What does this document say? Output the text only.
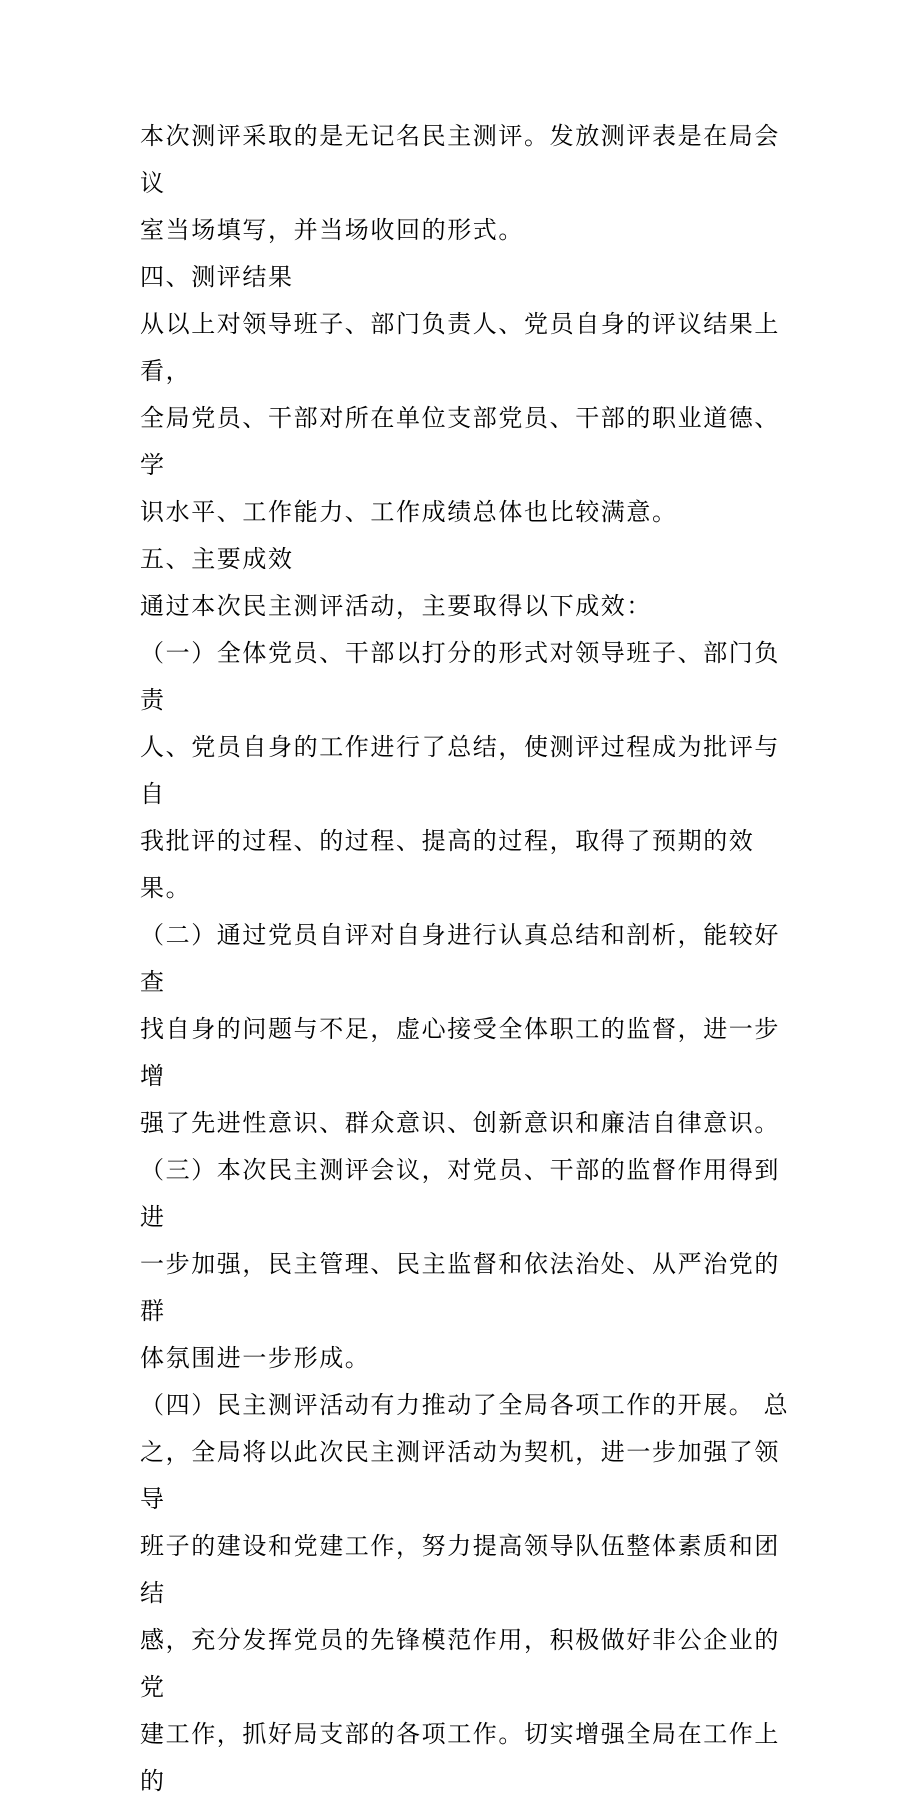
本次测评采取的是无记名民主测评。发放测评表是在局会议
室当场填写，并当场收回的形式。

四、测评结果

从以上对领导班子、部门负责人、党员自身的评议结果上看，
全局党员、干部对所在单位支部党员、干部的职业道德、学
识水平、工作能力、工作成绩总体也比较满意。

五、主要成效

通过本次民主测评活动，主要取得以下成效：

（一）全体党员、干部以打分的形式对领导班子、部门负责
人、党员自身的工作进行了总结，使测评过程成为批评与自
我批评的过程、的过程、提高的过程，取得了预期的效果。

（二）通过党员自评对自身进行认真总结和剖析，能较好查
找自身的问题与不足，虚心接受全体职工的监督，进一步增
强了先进性意识、群众意识、创新意识和廉洁自律意识。

（三）本次民主测评会议，对党员、干部的监督作用得到进
一步加强，民主管理、民主监督和依法治处、从严治党的群
体氛围进一步形成。

（四）民主测评活动有力推动了全局各项工作的开展。 总
之，全局将以此次民主测评活动为契机，进一步加强了领导
班子的建设和党建工作，努力提高领导队伍整体素质和团结
感，充分发挥党员的先锋模范作用，积极做好非公企业的党
建工作，抓好局支部的各项工作。切实增强全局在工作上的
